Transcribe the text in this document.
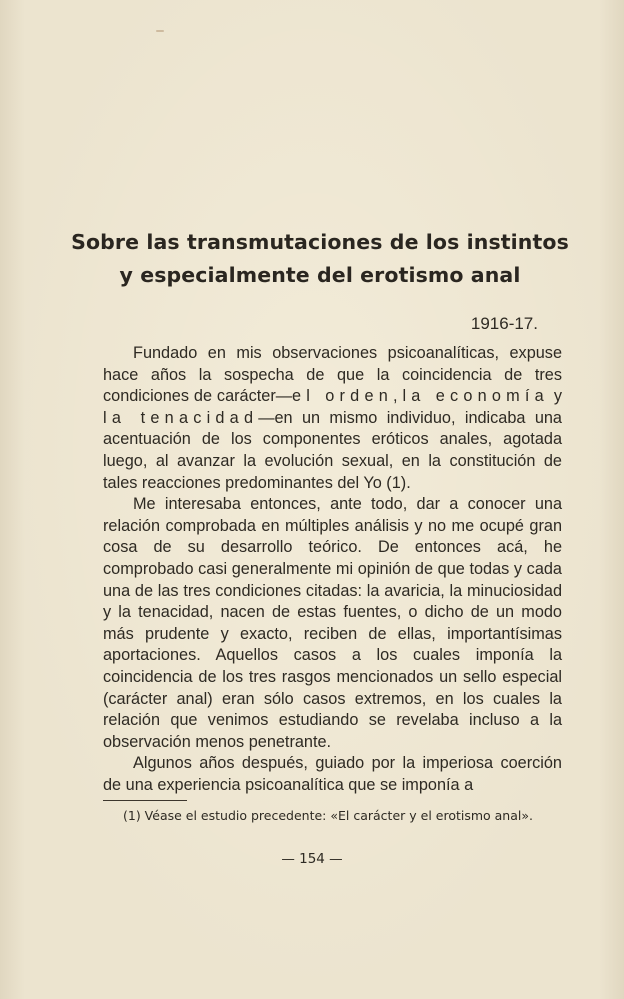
Sobre las transmutaciones de los instintos
y especialmente del erotismo anal
1916-17.

Fundado en mis observaciones psicoanalíticas, expuse hace años la sospecha de que la coincidencia de tres condiciones de carácter—el orden, la economía y la tenacidad—en un mismo individuo, indicaba una acentuación de los componentes eróticos anales, agotada luego, al avanzar la evolución sexual, en la constitución de tales reacciones predominantes del Yo (1).

Me interesaba entonces, ante todo, dar a conocer una relación comprobada en múltiples análisis y no me ocupé gran cosa de su desarrollo teórico. De entonces acá, he comprobado casi generalmente mi opinión de que todas y cada una de las tres condiciones citadas: la avaricia, la minuciosidad y la tenacidad, nacen de estas fuentes, o dicho de un modo más prudente y exacto, reciben de ellas, importantísimas aportaciones. Aquellos casos a los cuales imponía la coincidencia de los tres rasgos mencionados un sello especial (carácter anal) eran sólo casos extremos, en los cuales la relación que venimos estudiando se revelaba incluso a la observación menos penetrante.

Algunos años después, guiado por la imperiosa coerción de una experiencia psicoanalítica que se imponía a

(1) Véase el estudio precedente: «El carácter y el erotismo anal».

— 154 —
